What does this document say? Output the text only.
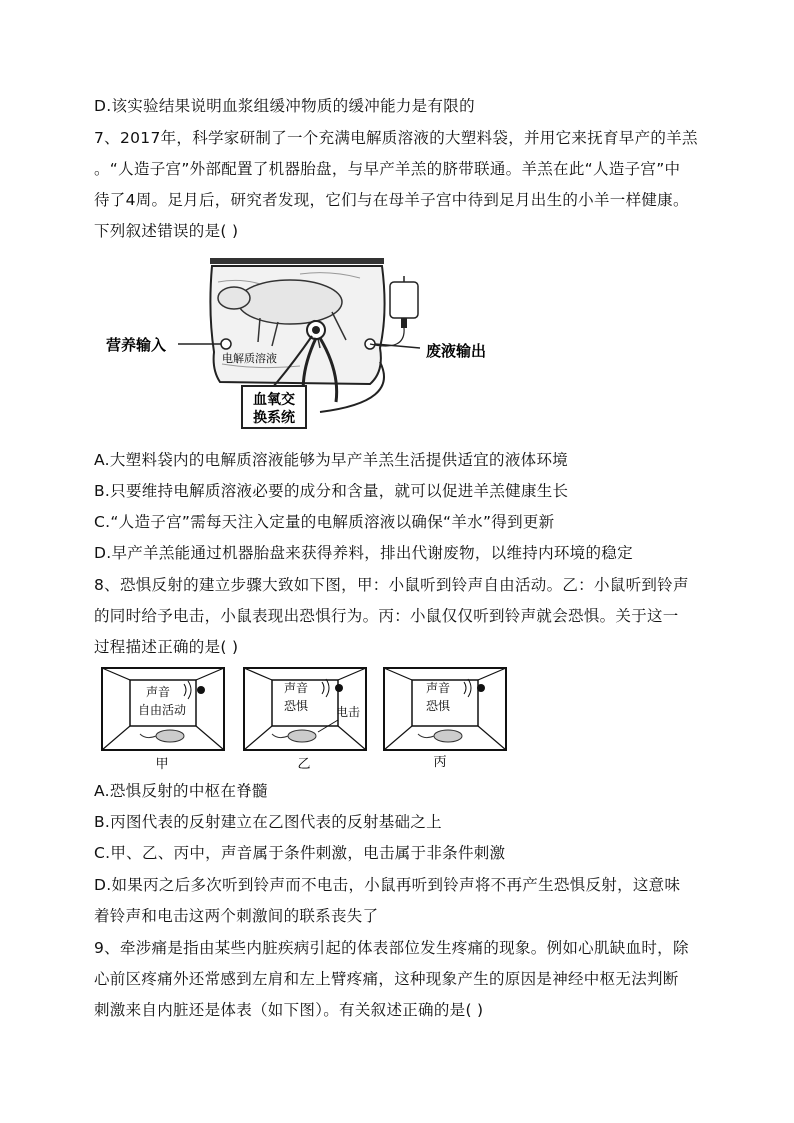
D.该实验结果说明血浆组缓冲物质的缓冲能力是有限的
7、2017年，科学家研制了一个充满电解质溶液的大塑料袋，并用它来抚育早产的羊羔
。“人造子宫”外部配置了机器胎盘，与早产羊羔的脐带联通。羊羔在此“人造子宫”中
待了4周。足月后，研究者发现，它们与在母羊子宫中待到足月出生的小羊一样健康。
下列叙述错误的是( )
血氧交
换系统
营养输入
电解质溶液	废液输出
A.大塑料袋内的电解质溶液能够为早产羊羔生活提供适宜的液体环境
B.只要维持电解质溶液必要的成分和含量，就可以促进羊羔健康生长
C.“人造子宫”需每天注入定量的电解质溶液以确保“羊水”得到更新
D.早产羊羔能通过机器胎盘来获得养料，排出代谢废物，以维持内环境的稳定
8、恐惧反射的建立步骤大致如下图，甲：小鼠听到铃声自由活动。乙：小鼠听到铃声
的同时给予电击，小鼠表现出恐惧行为。丙：小鼠仅仅听到铃声就会恐惧。关于这一
过程描述正确的是( )
声音
自由活动
甲
声音
恐惧 电击
乙
声音
恐惧
丙
A.恐惧反射的中枢在脊髓
B.丙图代表的反射建立在乙图代表的反射基础之上
C.甲、乙、丙中，声音属于条件刺激，电击属于非条件刺激
D.如果丙之后多次听到铃声而不电击，小鼠再听到铃声将不再产生恐惧反射，这意味
着铃声和电击这两个刺激间的联系丧失了
9、牵涉痛是指由某些内脏疾病引起的体表部位发生疼痛的现象。例如心肌缺血时，除
心前区疼痛外还常感到左肩和左上臂疼痛，这种现象产生的原因是神经中枢无法判断
刺激来自内脏还是体表（如下图）。有关叙述正确的是( )
